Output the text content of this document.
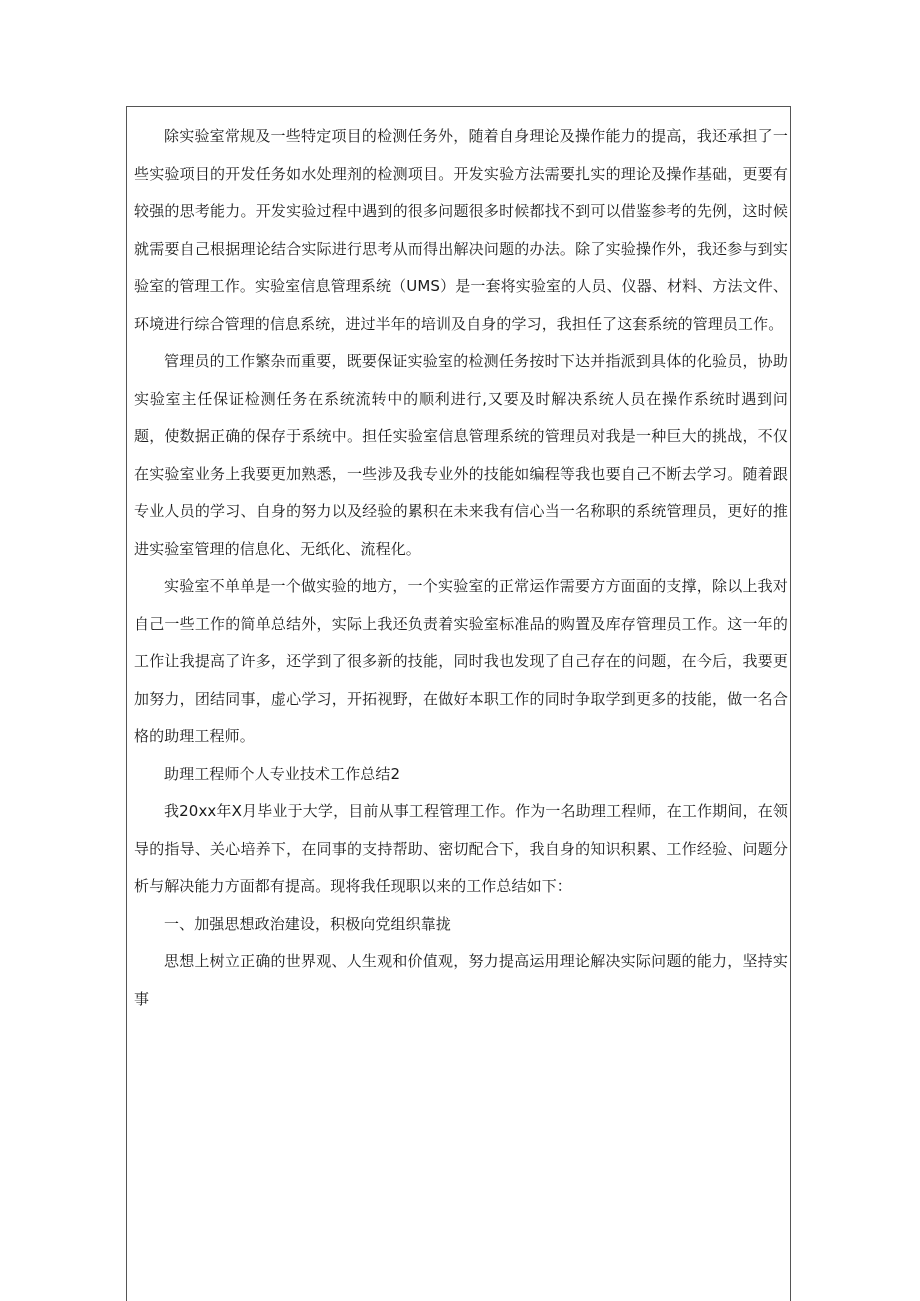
除实验室常规及一些特定项目的检测任务外，随着自身理论及操作能力的提高，我还承担了一些实验项目的开发任务如水处理剂的检测项目。开发实验方法需要扎实的理论及操作基础，更要有较强的思考能力。开发实验过程中遇到的很多问题很多时候都找不到可以借鉴参考的先例，这时候就需要自己根据理论结合实际进行思考从而得出解决问题的办法。除了实验操作外，我还参与到实验室的管理工作。实验室信息管理系统（UMS）是一套将实验室的人员、仪器、材料、方法文件、环境进行综合管理的信息系统，进过半年的培训及自身的学习，我担任了这套系统的管理员工作。

管理员的工作繁杂而重要，既要保证实验室的检测任务按时下达并指派到具体的化验员，协助实验室主任保证检测任务在系统流转中的顺利进行,又要及时解决系统人员在操作系统时遇到问题，使数据正确的保存于系统中。担任实验室信息管理系统的管理员对我是一种巨大的挑战，不仅在实验室业务上我要更加熟悉，一些涉及我专业外的技能如编程等我也要自己不断去学习。随着跟专业人员的学习、自身的努力以及经验的累积在未来我有信心当一名称职的系统管理员，更好的推进实验室管理的信息化、无纸化、流程化。

实验室不单单是一个做实验的地方，一个实验室的正常运作需要方方面面的支撑，除以上我对自己一些工作的简单总结外，实际上我还负责着实验室标准品的购置及库存管理员工作。这一年的工作让我提高了许多，还学到了很多新的技能，同时我也发现了自己存在的问题，在今后，我要更加努力，团结同事，虚心学习，开拓视野，在做好本职工作的同时争取学到更多的技能，做一名合格的助理工程师。

助理工程师个人专业技术工作总结2

我20xx年X月毕业于大学，目前从事工程管理工作。作为一名助理工程师，在工作期间，在领导的指导、关心培养下，在同事的支持帮助、密切配合下，我自身的知识积累、工作经验、问题分析与解决能力方面都有提高。现将我任现职以来的工作总结如下：

一、加强思想政治建设，积极向党组织靠拢

思想上树立正确的世界观、人生观和价值观，努力提高运用理论解决实际问题的能力，坚持实事
